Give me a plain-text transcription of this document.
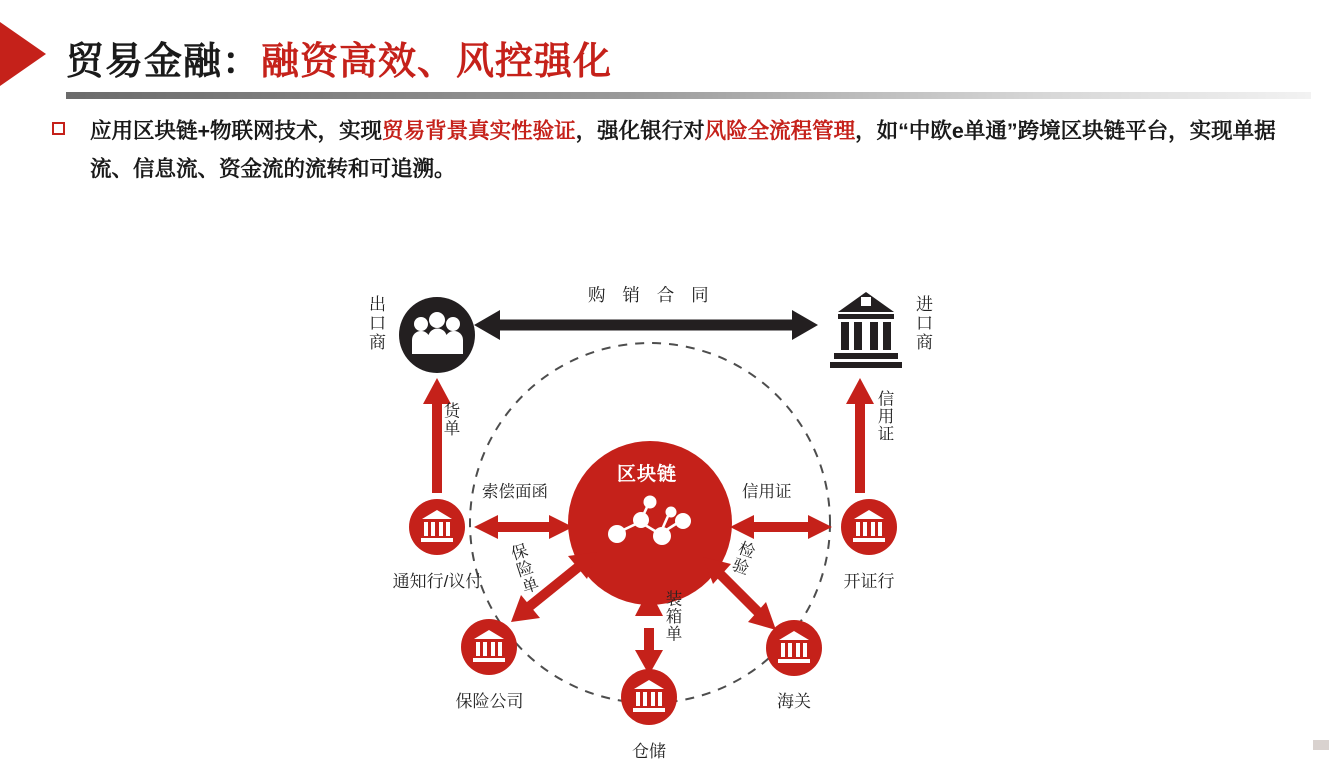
贸易金融：融资高效、风控强化
应用区块链+物联网技术，实现贸易背景真实性验证，强化银行对风险全流程管理，如“中欧e单通”跨境区块链平台，实现单据流、信息流、资金流的流转和可追溯。
区块链
出口商	进口商
通知行/议付	开证行
保险公司
仓储
海关
购 销 合 同
货单	信用证
索偿面函	信用证
保险单
装箱单
检验
